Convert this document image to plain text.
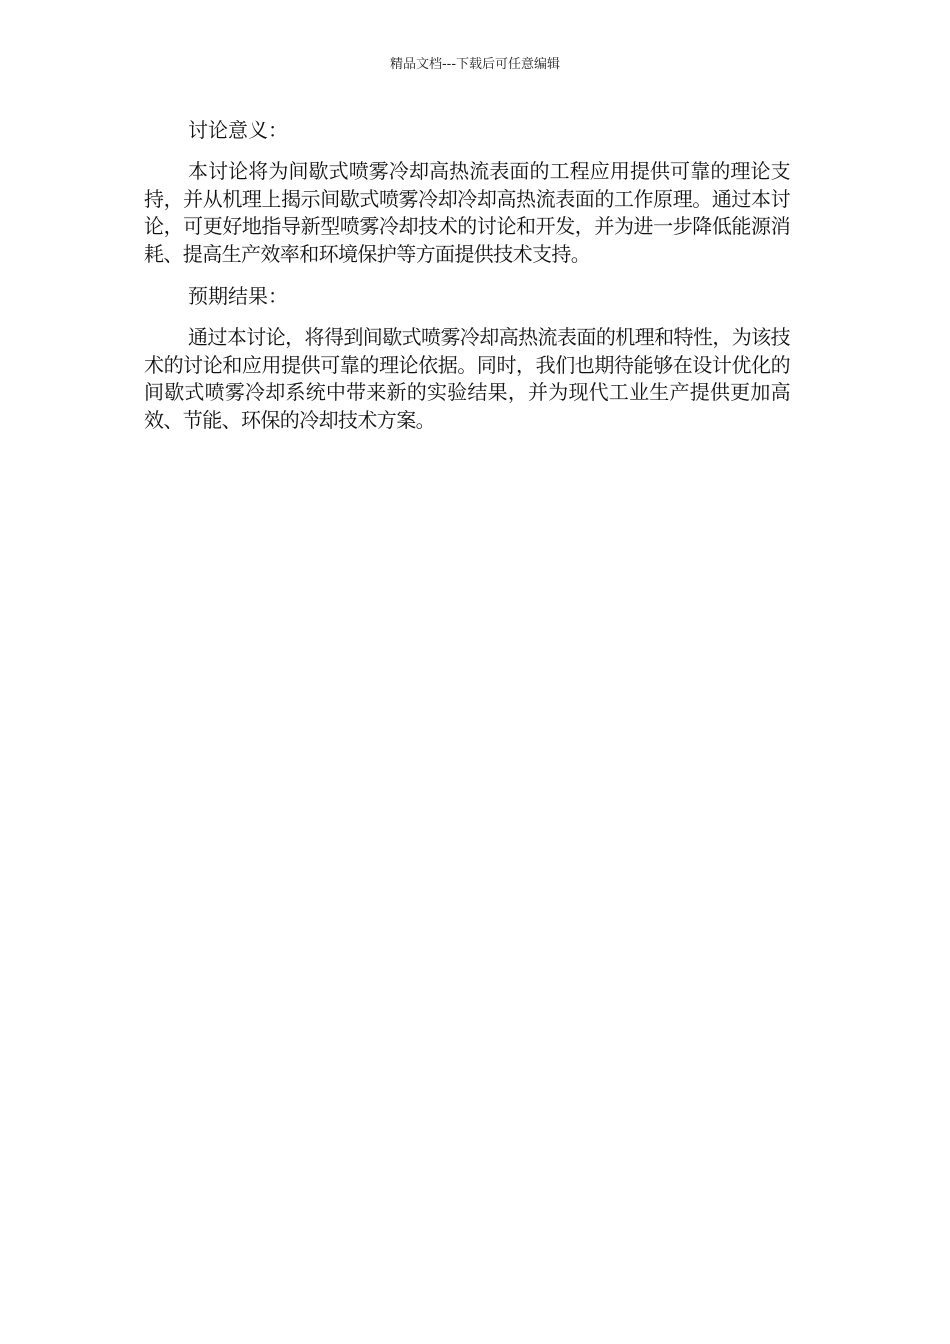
精品文档---下载后可任意编辑

讨论意义：

本讨论将为间歇式喷雾冷却高热流表面的工程应用提供可靠的理论支持，并从机理上揭示间歇式喷雾冷却冷却高热流表面的工作原理。通过本讨论，可更好地指导新型喷雾冷却技术的讨论和开发，并为进一步降低能源消耗、提高生产效率和环境保护等方面提供技术支持。

预期结果：

通过本讨论，将得到间歇式喷雾冷却高热流表面的机理和特性，为该技术的讨论和应用提供可靠的理论依据。同时，我们也期待能够在设计优化的间歇式喷雾冷却系统中带来新的实验结果，并为现代工业生产提供更加高效、节能、环保的冷却技术方案。
